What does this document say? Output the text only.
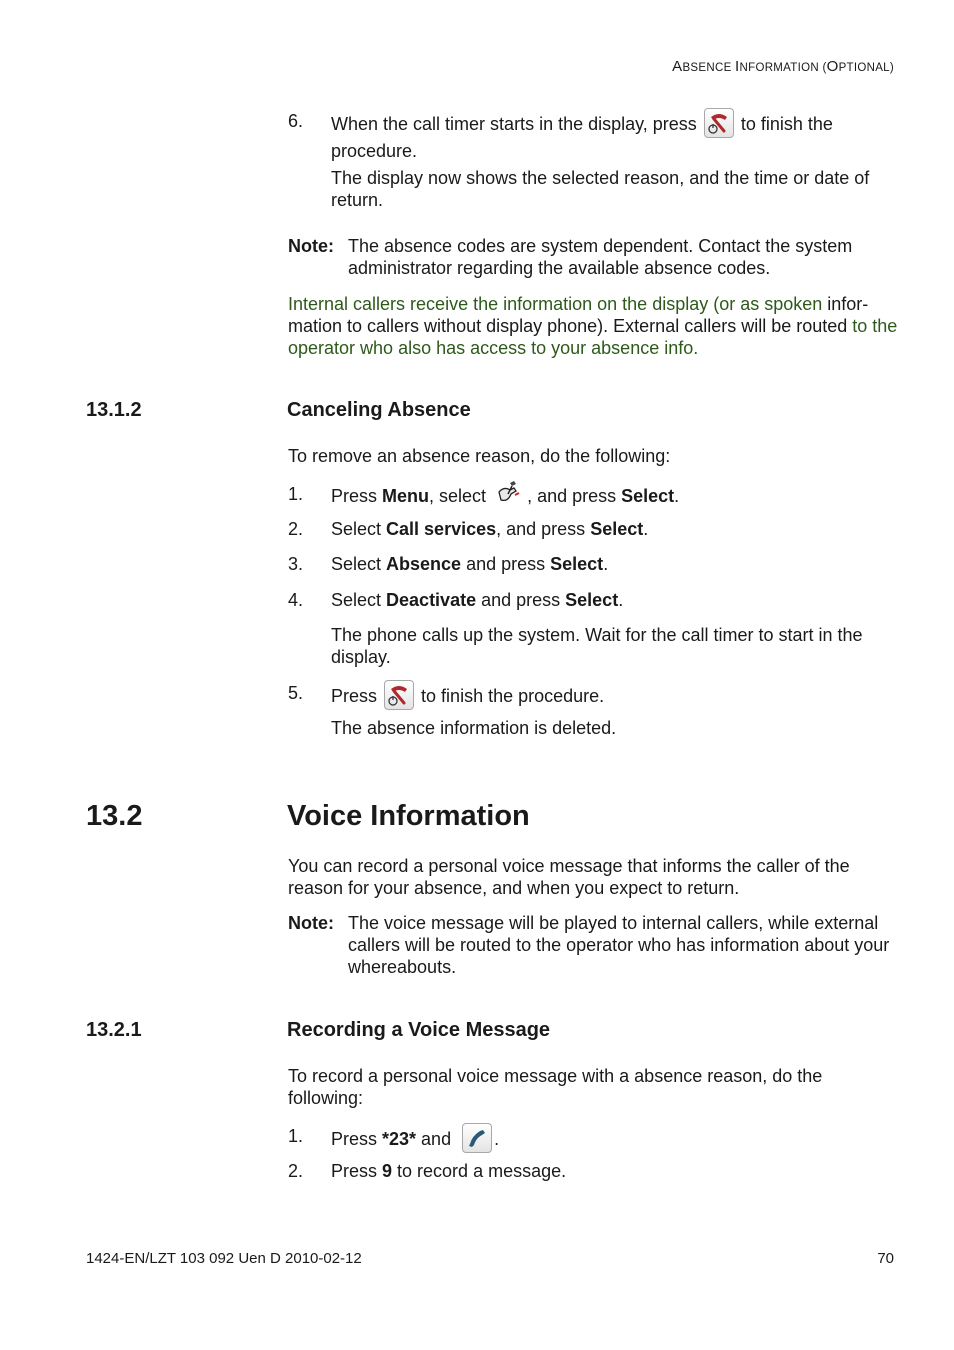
ABSENCE INFORMATION (OPTIONAL)
6.	When the call timer starts in the display, press to finish the procedure.
The display now shows the selected reason, and the time or date of return.
Note: The absence codes are system dependent. Contact the system administrator regarding the available absence codes.
Internal callers receive the information on the display (or as spoken infor-mation to callers without display phone). External callers will be routed to the operator who also has access to your absence info.
13.1.2	Canceling Absence
To remove an absence reason, do the following:
1.	Press Menu, select , and press Select.
2.	Select Call services, and press Select.
3.	Select Absence and press Select.
4.	Select Deactivate and press Select.
The phone calls up the system. Wait for the call timer to start in the display.
5.	Press to finish the procedure.
The absence information is deleted.
13.2	Voice Information
You can record a personal voice message that informs the caller of the reason for your absence, and when you expect to return.
Note: The voice message will be played to internal callers, while external callers will be routed to the operator who has information about your whereabouts.
13.2.1	Recording a Voice Message
To record a personal voice message with a absence reason, do the following:
1.	Press *23* and .
2.	Press 9 to record a message.
1424-EN/LZT 103 092 Uen D 2010-02-12	70
